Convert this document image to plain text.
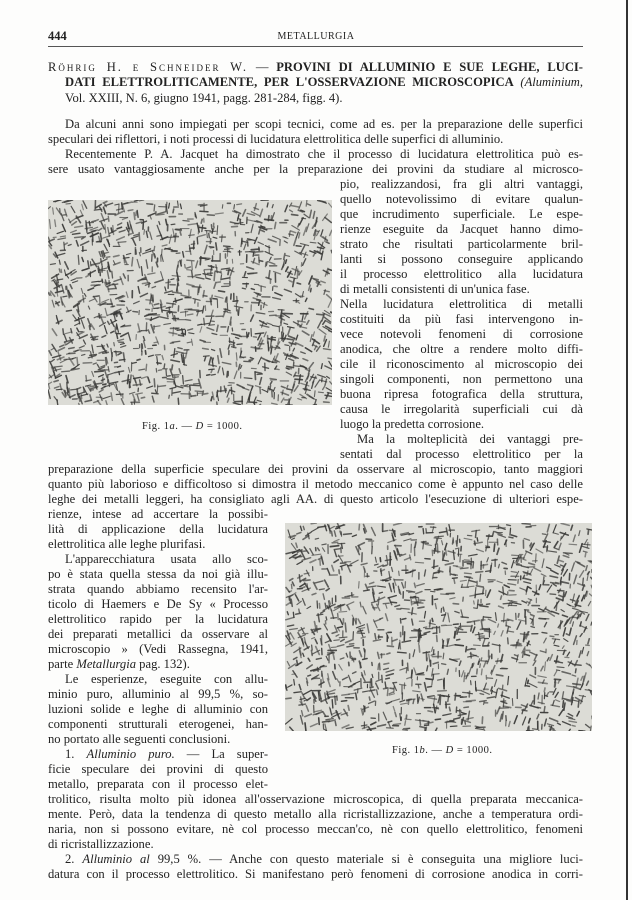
444	METALLURGIA
Röhrig H. e Schneider W. — PROVINI DI ALLUMINIO E SUE LEGHE, LUCI-
DATI ELETTROLITICAMENTE, PER L'OSSERVAZIONE MICROSCOPICA (Aluminium,
Vol. XXIII, N. 6, giugno 1941, pagg. 281-284, figg. 4).
Da alcuni anni sono impiegati per scopi tecnici, come ad es. per la preparazione delle superfici
speculari dei riflettori, i noti processi di lucidatura elettrolitica delle superfici di alluminio.
Recentemente P. A. Jacquet ha dimostrato che il processo di lucidatura elettrolitica può es-
sere usato vantaggiosamente anche per la preparazione dei provini da studiare al microsco-
pio, realizzandosi, fra gli altri vantaggi,
quello notevolissimo di evitare qualun-
que incrudimento superficiale. Le espe-
rienze eseguite da Jacquet hanno dimo-
strato che risultati particolarmente bril-
lanti si possono conseguire applicando
il processo elettrolitico alla lucidatura
di metalli consistenti di un'unica fase.
Nella lucidatura elettrolitica di metalli
costituiti da più fasi intervengono in-
vece notevoli fenomeni di corrosione
anodica, che oltre a rendere molto diffi-
cile il riconoscimento al microscopio dei
singoli componenti, non permettono una
buona ripresa fotografica della struttura,
causa le irregolarità superficiali cui dà
luogo la predetta corrosione.
Ma la molteplicità dei vantaggi pre-
sentati dal processo elettrolitico per la
preparazione della superficie speculare dei provini da osservare al microscopio, tanto maggiori
quanto più laborioso e difficoltoso si dimostra il metodo meccanico come è appunto nel caso delle
leghe dei metalli leggeri, ha consigliato agli AA. di questo articolo l'esecuzione di ulteriori espe-
rienze, intese ad accertare la possibi-
lità di applicazione della lucidatura
elettrolitica alle leghe plurifasi.
L'apparecchiatura usata allo sco-
po è stata quella stessa da noi già illu-
strata quando abbiamo recensito l'ar-
ticolo di Haemers e De Sy « Processo
elettrolitico rapido per la lucidatura
dei preparati metallici da osservare al
microscopio » (Vedi Rassegna, 1941,
parte Metallurgia pag. 132).
Le esperienze, eseguite con allu-
minio puro, alluminio al 99,5 %, so-
luzioni solide e leghe di alluminio con
componenti strutturali eterogenei, han-
no portato alle seguenti conclusioni.
1. Alluminio puro. — La super-
ficie speculare dei provini di questo
metallo, preparata con il processo elet-
trolitico, risulta molto più idonea all'osservazione microscopica, di quella preparata meccanica-
mente. Però, data la tendenza di questo metallo alla ricristallizzazione, anche a temperatura ordi-
naria, non si possono evitare, nè col processo meccan'co, nè con quello elettrolitico, fenomeni
di ricristallizzazione.
2. Alluminio al 99,5 %. — Anche con questo materiale si è conseguita una migliore luci-
datura con il processo elettrolitico. Si manifestano però fenomeni di corrosione anodica in corri-
Fig. 1a. — D = 1000.
Fig. 1b. — D = 1000.
